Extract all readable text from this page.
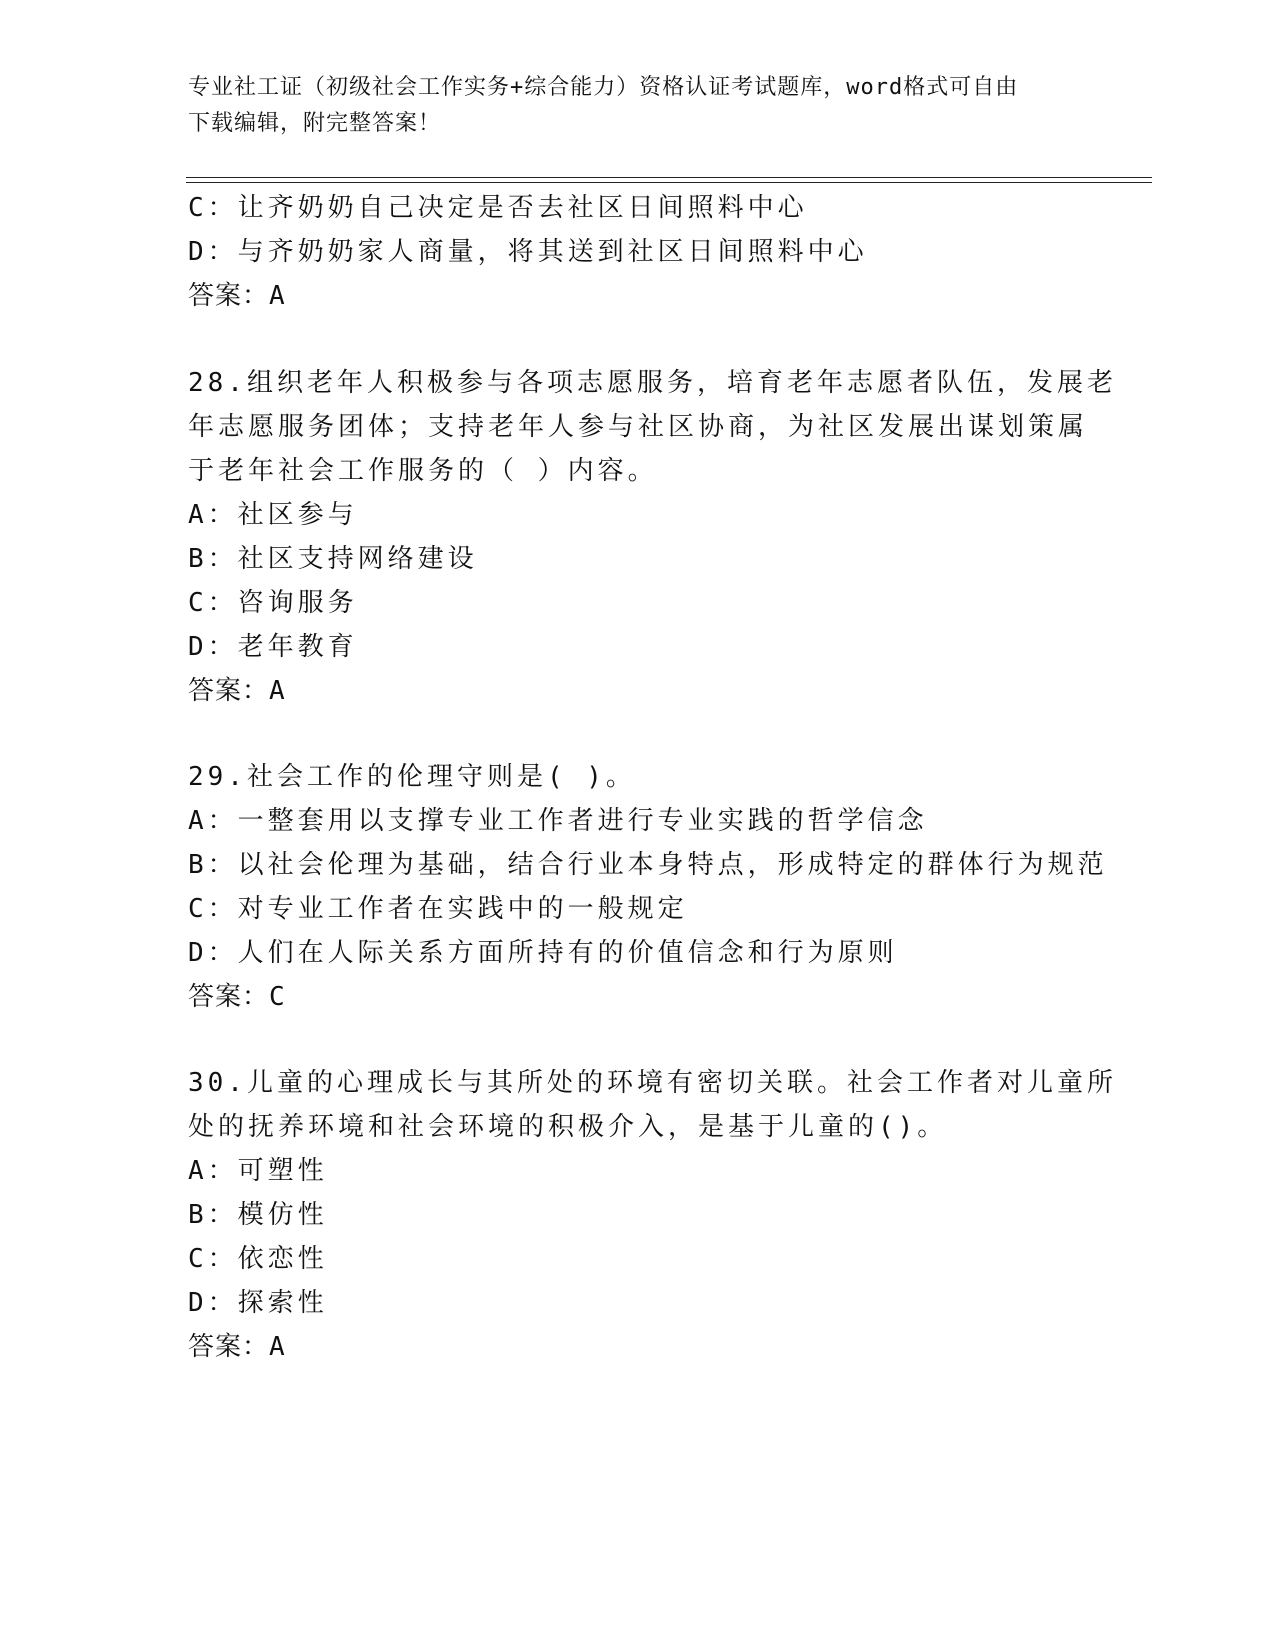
专业社工证（初级社会工作实务+综合能力）资格认证考试题库，word格式可自由
下载编辑，附完整答案！
C：让齐奶奶自己决定是否去社区日间照料中心
D：与齐奶奶家人商量，将其送到社区日间照料中心
答案：A
28.组织老年人积极参与各项志愿服务，培育老年志愿者队伍，发展老
年志愿服务团体；支持老年人参与社区协商，为社区发展出谋划策属
于老年社会工作服务的（ ）内容。
A：社区参与
B：社区支持网络建设
C：咨询服务
D：老年教育
答案：A
29.社会工作的伦理守则是( )。
A：一整套用以支撑专业工作者进行专业实践的哲学信念
B：以社会伦理为基础，结合行业本身特点，形成特定的群体行为规范
C：对专业工作者在实践中的一般规定
D：人们在人际关系方面所持有的价值信念和行为原则
答案：C
30.儿童的心理成长与其所处的环境有密切关联。社会工作者对儿童所
处的抚养环境和社会环境的积极介入，是基于儿童的()。
A：可塑性
B：模仿性
C：依恋性
D：探索性
答案：A
